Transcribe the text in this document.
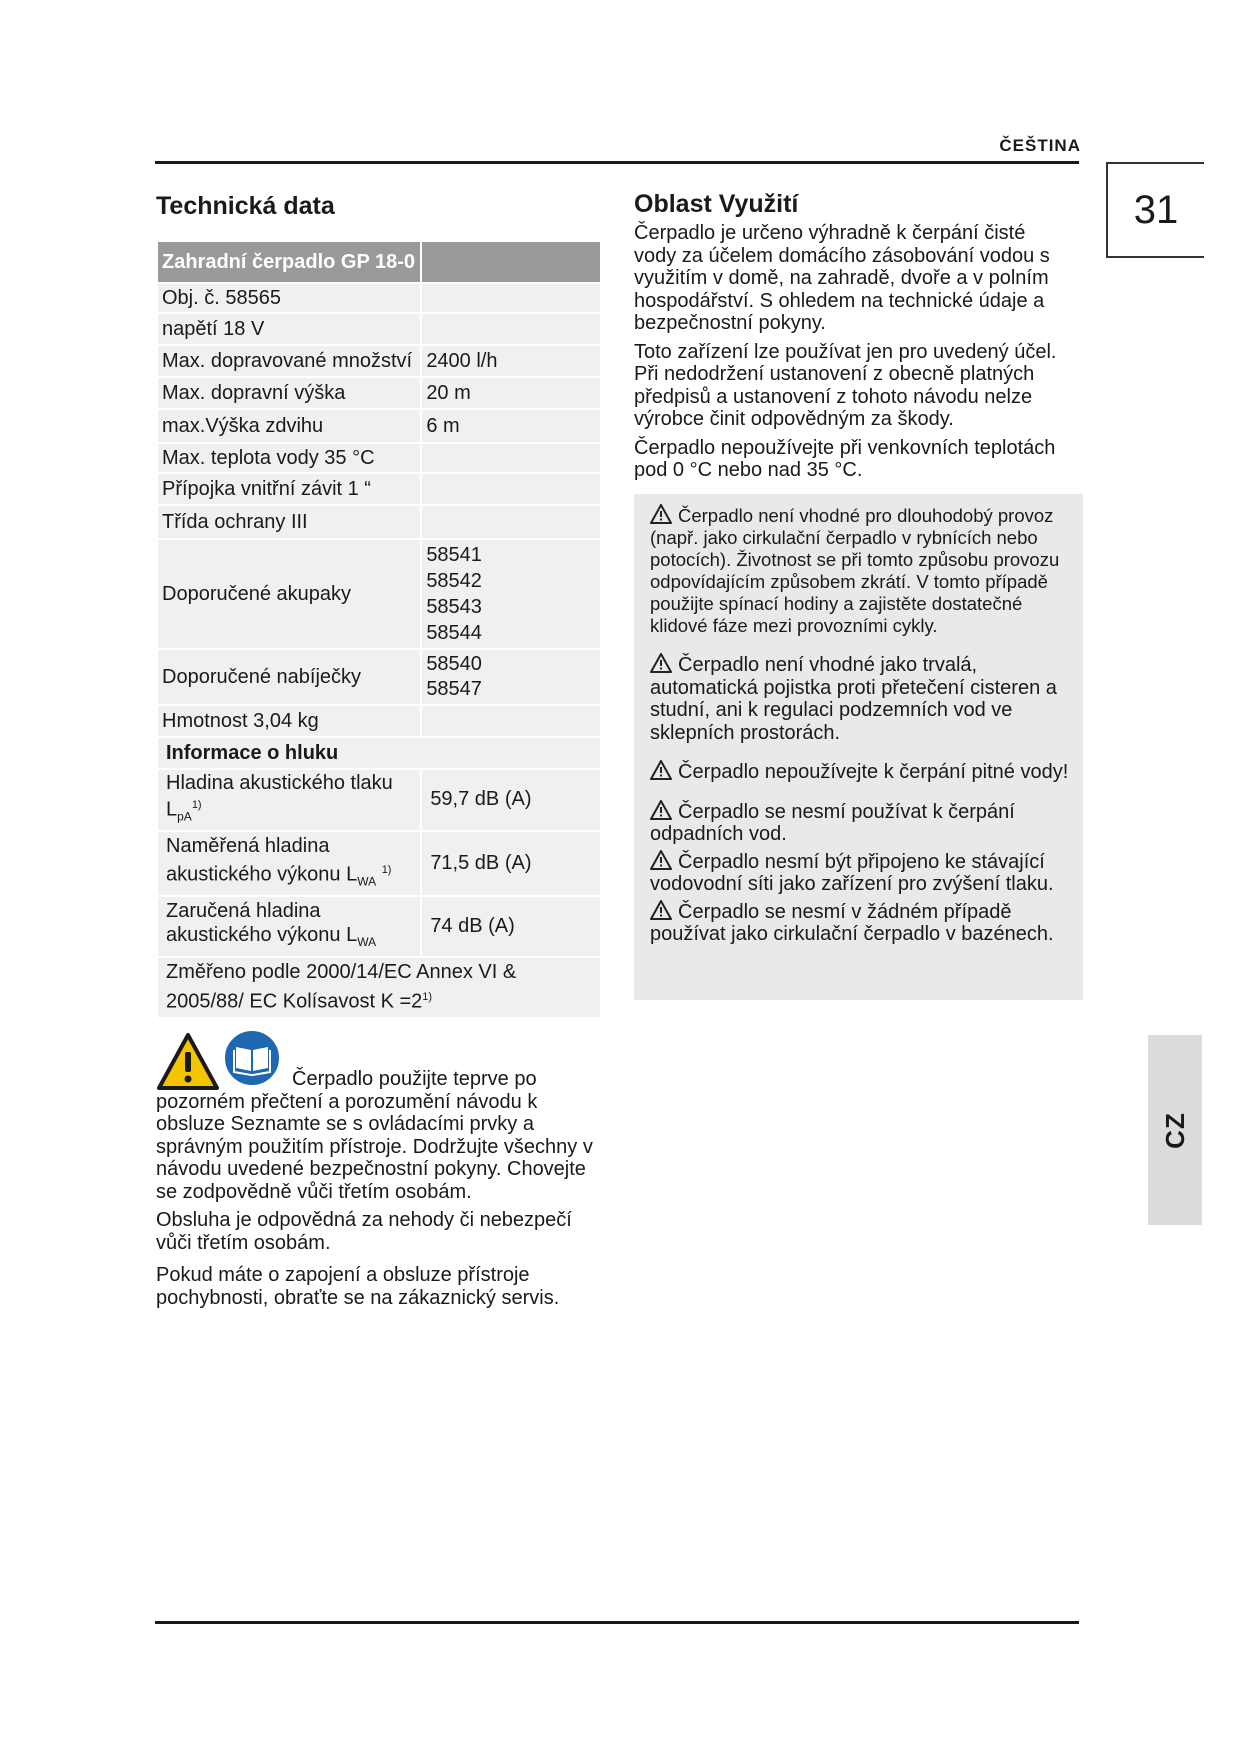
ČEŠTINA
31
CZ
Technická data
Zahradní čerpadlo GP 18-0	
Obj. č. 58565	
napětí 18 V	
Max. dopravované množství	2400 l/h
Max. dopravní výška	20 m
max.Výška zdvihu	6 m
Max. teplota vody 35 °C	
Přípojka vnitřní závit 1 “	
Třída ochrany III	
Doporučené akupaky	58541
58542
58543
58544

Doporučené nabíječky	58540
58547

Hmotnost 3,04 kg	
Informace o hluku	

Hladina akustického tlaku
$L_{pA}^{1)}$	59,7 dB (A)

Naměřená hladina
akustického výkonu $L_{WA}$ $^{1)}$	71,5 dB (A)

Zaručená hladina
akustického výkonu $L_{WA}$	74 dB (A)
Změřeno podle 2000/14/EC Annex VI & 2005/88/ EC Kolísavost $K =2^{1)}$
Oblast Využití

Čerpadlo je určeno výhradně k čerpání čisté vody za účelem domácího zásobování vodou s využitím v domě, na zahradě, dvoře a v polním hospodářství. S ohledem na technické údaje a bezpečnostní pokyny.

Toto zařízení lze používat jen pro uvedený účel. Při nedodržení ustanovení z obecně platných předpisů a ustanovení z tohoto návodu nelze výrobce činit odpovědným za škody.

Čerpadlo nepoužívejte při venkovních teplotách pod 0 °C nebo nad 35 °C.

Čerpadlo není vhodné pro dlouhodobý provoz (např. jako cirkulační čerpadlo v rybnících nebo potocích). Životnost se při tomto způsobu provozu odpovídajícím způsobem zkrátí. V tomto případě použijte spínací hodiny a zajistěte dostatečné klidové fáze mezi provozními cykly.
Čerpadlo není vhodné jako trvalá, automatická pojistka proti přetečení cisteren a studní, ani k regulaci podzemních vod ve sklepních prostorách.
Čerpadlo nepoužívejte k čerpání pitné vody!
Čerpadlo se nesmí používat k čerpání odpadních vod.
Čerpadlo nesmí být připojeno ke stávající vodovodní síti jako zařízení pro zvýšení tlaku.
Čerpadlo se nesmí v žádném případě používat jako cirkulační čerpadlo v bazénech.

Čerpadlo použijte teprve po pozorném přečtení a porozumění návodu k obsluze Seznamte se s ovládacími prvky a správným použitím přístroje. Dodržujte všechny v návodu uvedené bezpečnostní pokyny. Chovejte se zodpovědně vůči třetím osobám.

Obsluha je odpovědná za nehody či nebezpečí vůči třetím osobám.

Pokud máte o zapojení a obsluze přístroje pochybnosti, obraťte se na zákaznický servis.
